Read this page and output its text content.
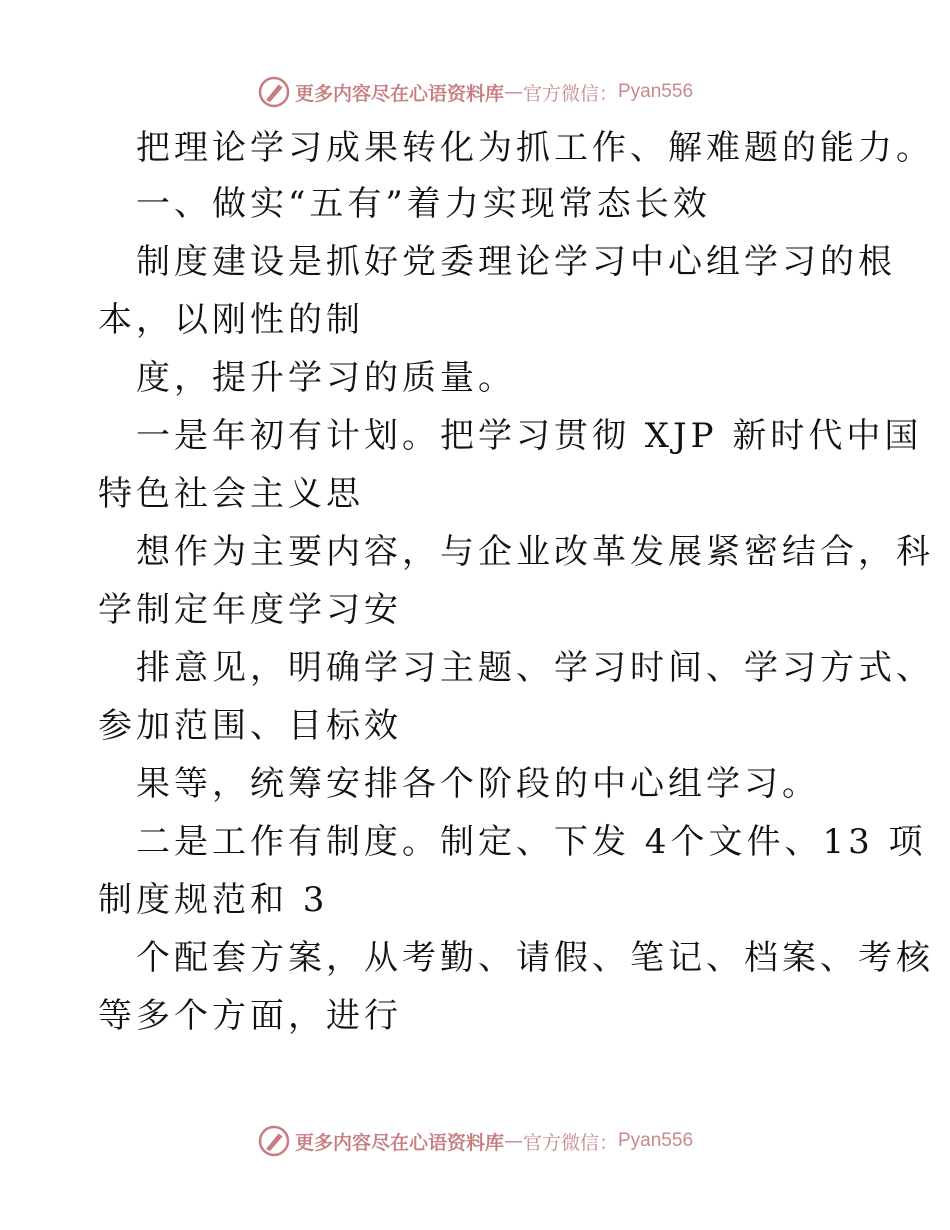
更多内容尽在心语资料库 — 官方微信： Pyan556
把理论学习成果转化为抓工作、解难题的能力。
一、做实“五有”着力实现常态长效
制度建设是抓好党委理论学习中心组学习的根
本，以刚性的制
度，提升学习的质量。
一是年初有计划。把学习贯彻 XJP 新时代中国
特色社会主义思
想作为主要内容，与企业改革发展紧密结合，科
学制定年度学习安
排意见，明确学习主题、学习时间、学习方式、
参加范围、目标效
果等，统筹安排各个阶段的中心组学习。
二是工作有制度。制定、下发 4个文件、13 项
制度规范和 3
个配套方案，从考勤、请假、笔记、档案、考核
等多个方面，进行
更多内容尽在心语资料库 — 官方微信： Pyan556
